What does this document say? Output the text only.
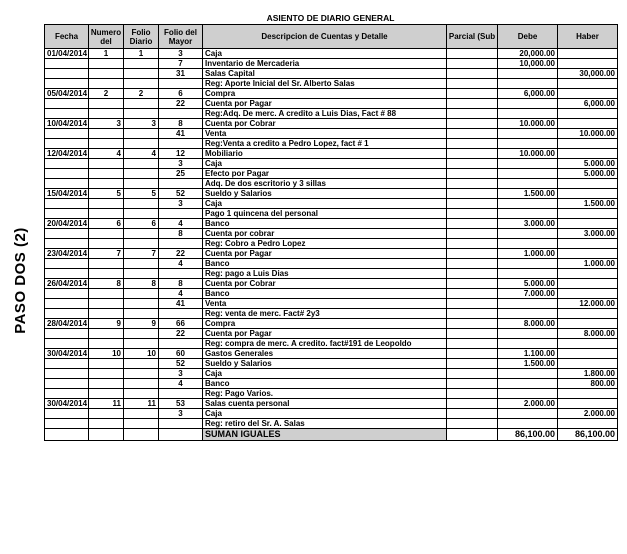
PASO DOS (2)
ASIENTO DE DIARIO GENERAL
Fecha	Numero del	Folio Diario	Folio del Mayor	Descripcion de Cuentas y Detalle	Parcial (Sub	Debe	Haber
01/04/2014	1	1	3	Caja		20,000.00	
			7	Inventario de Mercaderia		10,000.00	
			31	Salas Capital			30,000.00
				Reg: Aporte Inicial del Sr. Alberto Salas			
05/04/2014	2	2	6	Compra		6,000.00	
			22	Cuenta por Pagar			6,000.00
				Reg:Adq. De merc. A credito a Luis Dias, Fact # 88			
10/04/2014	3	3	8	Cuenta por Cobrar		10.000.00	
			41	Venta			10.000.00
				Reg:Venta a credito a Pedro Lopez, fact # 1			
12/04/2014	4	4	12	Mobiliario		10.000.00	
			3	Caja			5.000.00
			25	Efecto por Pagar			5.000.00
				Adq. De dos escritorio y 3 sillas			
15/04/2014	5	5	52	Sueldo y Salarios		1.500.00	
			3	Caja			1.500.00
				Pago 1 quincena del personal			
20/04/2014	6	6	4	Banco		3.000.00	
			8	Cuenta por cobrar			3.000.00
				Reg: Cobro a Pedro Lopez			
23/04/2014	7	7	22	Cuenta por Pagar		1.000.00	
			4	Banco			1.000.00
				Reg: pago a Luis Dias			
26/04/2014	8	8	8	Cuenta por Cobrar		5.000.00	
			4	Banco		7.000.00	
			41	Venta			12.000.00
				Reg: venta de merc. Fact# 2y3			
28/04/2014	9	9	66	Compra		8.000.00	
			22	Cuenta por Pagar			8.000.00
				Reg: compra de merc. A credito. fact#191 de Leopoldo			
30/04/2014	10	10	60	Gastos Generales		1.100.00	
			52	Sueldo y Salarios		1.500.00	
			3	Caja			1.800.00
			4	Banco			800.00
				Reg: Pago Varios.			
30/04/2014	11	11	53	Salas cuenta personal		2.000.00	
			3	Caja			2.000.00
				Reg: retiro del Sr. A. Salas			
				SUMAN IGUALES		86,100.00	86,100.00
